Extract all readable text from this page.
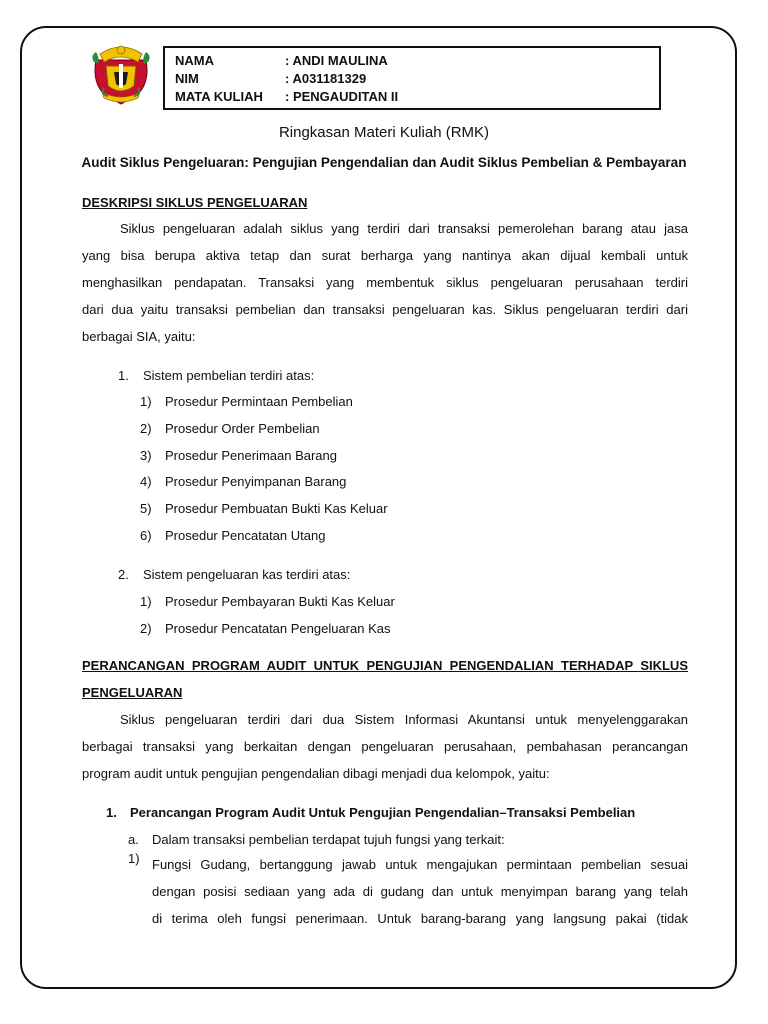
NAMA	: ANDI MAULINA
NIM	: A031181329
MATA KULIAH : PENGAUDITAN II
Ringkasan Materi Kuliah (RMK)
Audit Siklus Pengeluaran: Pengujian Pengendalian dan Audit Siklus Pembelian & Pembayaran
DESKRIPSI SIKLUS PENGELUARAN
Siklus pengeluaran adalah siklus yang terdiri dari transaksi pemerolehan barang atau jasa
yang bisa berupa aktiva tetap dan surat berharga yang nantinya akan dijual kembali untuk
menghasilkan pendapatan. Transaksi yang membentuk siklus pengeluaran perusahaan terdiri
dari dua yaitu transaksi pembelian dan transaksi pengeluaran kas. Siklus pengeluaran terdiri dari
berbagai SIA, yaitu:
1. Sistem pembelian terdiri atas:
1) Prosedur Permintaan Pembelian
2) Prosedur Order Pembelian
3) Prosedur Penerimaan Barang
4) Prosedur Penyimpanan Barang
5) Prosedur Pembuatan Bukti Kas Keluar
6) Prosedur Pencatatan Utang
2. Sistem pengeluaran kas terdiri atas:
1) Prosedur Pembayaran Bukti Kas Keluar
2) Prosedur Pencatatan Pengeluaran Kas
PERANCANGAN PROGRAM AUDIT UNTUK PENGUJIAN PENGENDALIAN TERHADAP SIKLUS
PENGELUARAN
Siklus pengeluaran terdiri dari dua Sistem Informasi Akuntansi untuk menyelenggarakan
berbagai transaksi yang berkaitan dengan pengeluaran perusahaan, pembahasan perancangan
program audit untuk pengujian pengendalian dibagi menjadi dua kelompok, yaitu:
1. Perancangan Program Audit Untuk Pengujian Pengendalian–Transaksi Pembelian
a. Dalam transaksi pembelian terdapat tujuh fungsi yang terkait:
1) Fungsi Gudang, bertanggung jawab untuk mengajukan permintaan pembelian sesuai
dengan posisi sediaan yang ada di gudang dan untuk menyimpan barang yang telah
di terima oleh fungsi penerimaan. Untuk barang-barang yang langsung pakai (tidak
